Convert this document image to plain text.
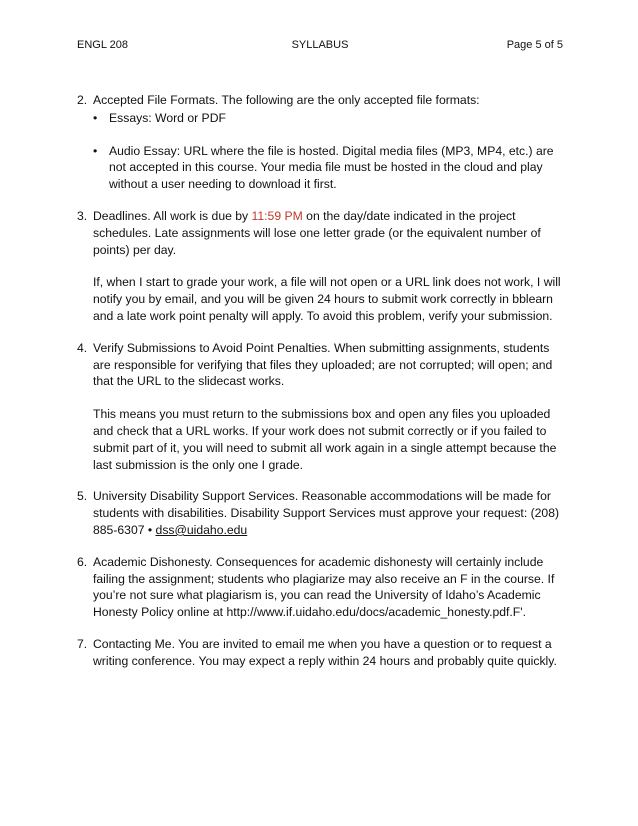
ENGL 208	SYLLABUS	Page 5 of 5
2. Accepted File Formats. The following are the only accepted file formats:

• Essays: Word or PDF
• Audio Essay: URL where the file is hosted. Digital media files (MP3, MP4, etc.) are not accepted in this course. Your media file must be hosted in the cloud and play without a user needing to download it first.
3. Deadlines. All work is due by 11:59 PM on the day/date indicated in the project schedules. Late assignments will lose one letter grade (or the equivalent number of points) per day.

If, when I start to grade your work, a file will not open or a URL link does not work, I will notify you by email, and you will be given 24 hours to submit work correctly in bblearn and a late work point penalty will apply. To avoid this problem, verify your submission.

4. Verify Submissions to Avoid Point Penalties. When submitting assignments, students are responsible for verifying that files they uploaded; are not corrupted; will open; and that the URL to the slidecast works.

This means you must return to the submissions box and open any files you uploaded and check that a URL works. If your work does not submit correctly or if you failed to submit part of it, you will need to submit all work again in a single attempt because the last submission is the only one I grade.

5. University Disability Support Services. Reasonable accommodations will be made for students with disabilities. Disability Support Services must approve your request: (208) 885-6307 • dss@uidaho.edu

6. Academic Dishonesty. Consequences for academic dishonesty will certainly include failing the assignment; students who plagiarize may also receive an F in the course. If you’re not sure what plagiarism is, you can read the University of Idaho’s Academic Honesty Policy online at http://www.if.uidaho.edu/docs/academic_honesty.pdf.F'.

7. Contacting Me. You are invited to email me when you have a question or to request a writing conference. You may expect a reply within 24 hours and probably quite quickly.
